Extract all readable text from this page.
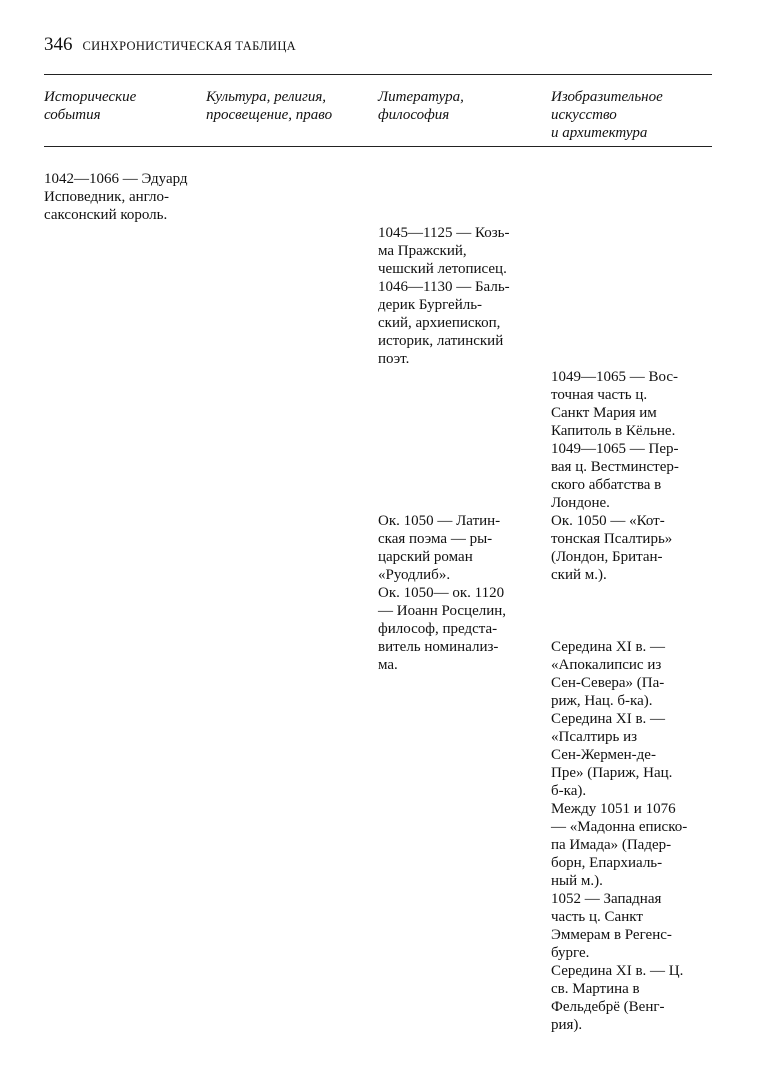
346 СИНХРОНИСТИЧЕСКАЯ ТАБЛИЦА
Исторические
события
Культура, религия,
просвещение, право
Литература,
философия
Изобразительное
искусство
и архитектура

1042—1066 — Эдуард
Исповедник, англо-
саксонский король.

1045—1125 — Козь-
ма Пражский,
чешский летописец.
1046—1130 — Баль-
дерик Бургейль-
ский, архиепископ,
историк, латинский
поэт.

Ок. 1050 — Латин-
ская поэма — ры-
царский роман
«Руодлиб».
Ок. 1050— ок. 1120
— Иоанн Росцелин,
философ, предста-
витель номинализ-
ма.

1049—1065 — Вос-
точная часть ц.
Санкт Мария им
Капитоль в Кёльне.
1049—1065 — Пер-
вая ц. Вестминстер-
ского аббатства в
Лондоне.

Ок. 1050 — «Кот-
тонская Псалтирь»
(Лондон, Британ-
ский м.).

Середина XI в. —
«Апокалипсис из
Сен-Севера» (Па-
риж, Нац. б-ка).
Середина XI в. —
«Псалтирь из
Сен-Жермен-де-
Пре» (Париж, Нац.
б-ка).
Между 1051 и 1076
— «Мадонна еписко-
па Имада» (Падер-
борн, Епархиаль-
ный м.).
1052 — Западная
часть ц. Санкт
Эммерам в Регенс-
бурге.
Середина XI в. — Ц.
св. Мартина в
Фельдебрё (Венг-
рия).
